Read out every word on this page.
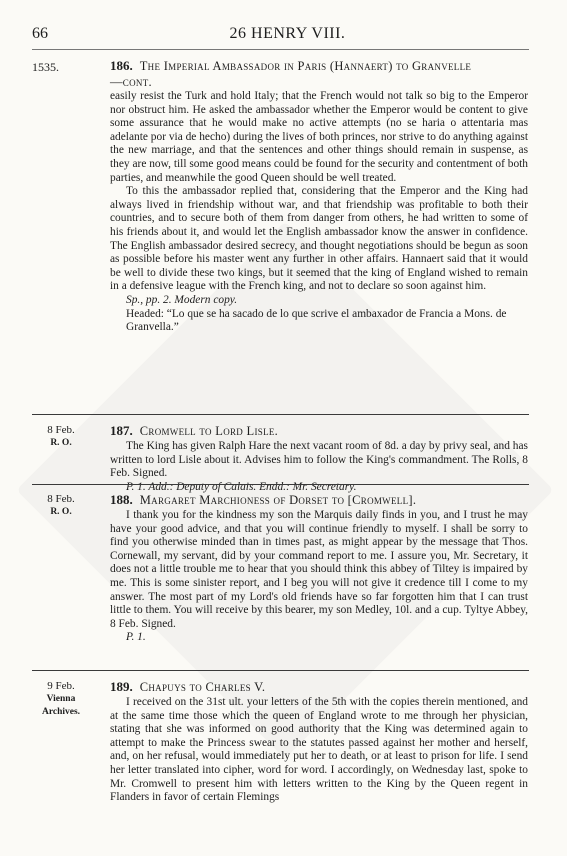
66	26 HENRY VIII.
1535.	186. The Imperial Ambassador in Paris (Hannaert) to Granvelle
—cont.

easily resist the Turk and hold Italy; that the French would not talk so big to the Emperor nor obstruct him. He asked the ambassador whether the Emperor would be content to give some assurance that he would make no active attempts (no se haria o attentaria mas adelante por via de hecho) during the lives of both princes, nor strive to do anything against the new marriage, and that the sentences and other things should remain in suspense, as they are now, till some good means could be found for the security and contentment of both parties, and meanwhile the good Queen should be well treated.

To this the ambassador replied that, considering that the Emperor and the King had always lived in friendship without war, and that friendship was profitable to both their countries, and to secure both of them from danger from others, he had written to some of his friends about it, and would let the English ambassador know the answer in confidence. The English ambassador desired secrecy, and thought negotiations should be begun as soon as possible before his master went any further in other affairs. Hannaert said that it would be well to divide these two kings, but it seemed that the king of England wished to remain in a defensive league with the French king, and not to declare so soon against him.

Sp., pp. 2. Modern copy.

Headed: “Lo que se ha sacado de lo que scrive el ambaxador de Francia a Mons. de Granvella.”

8 Feb.
R. O.
187. Cromwell to Lord Lisle.

The King has given Ralph Hare the next vacant room of 8d. a day by privy seal, and has written to lord Lisle about it. Advises him to follow the King's commandment. The Rolls, 8 Feb. Signed.

P. 1. Add.: Deputy of Calais. Endd.: Mr. Secretary.

8 Feb.
R. O.
188. Margaret Marchioness of Dorset to [Cromwell].

I thank you for the kindness my son the Marquis daily finds in you, and I trust he may have your good advice, and that you will continue friendly to myself. I shall be sorry to find you otherwise minded than in times past, as might appear by the message that Thos. Cornewall, my servant, did by your command report to me. I assure you, Mr. Secretary, it does not a little trouble me to hear that you should think this abbey of Tiltey is impaired by me. This is some sinister report, and I beg you will not give it credence till I come to my answer. The most part of my Lord's old friends have so far forgotten him that I can trust little to them. You will receive by this bearer, my son Medley, 10l. and a cup. Tyltye Abbey, 8 Feb. Signed.

P. 1.

9 Feb.
Vienna Archives.
189. Chapuys to Charles V.

I received on the 31st ult. your letters of the 5th with the copies therein mentioned, and at the same time those which the queen of England wrote to me through her physician, stating that she was informed on good authority that the King was determined again to attempt to make the Princess swear to the statutes passed against her mother and herself, and, on her refusal, would immediately put her to death, or at least to prison for life. I send her letter translated into cipher, word for word. I accordingly, on Wednesday last, spoke to Mr. Cromwell to present him with letters written to the King by the Queen regent in Flanders in favor of certain Flemings
